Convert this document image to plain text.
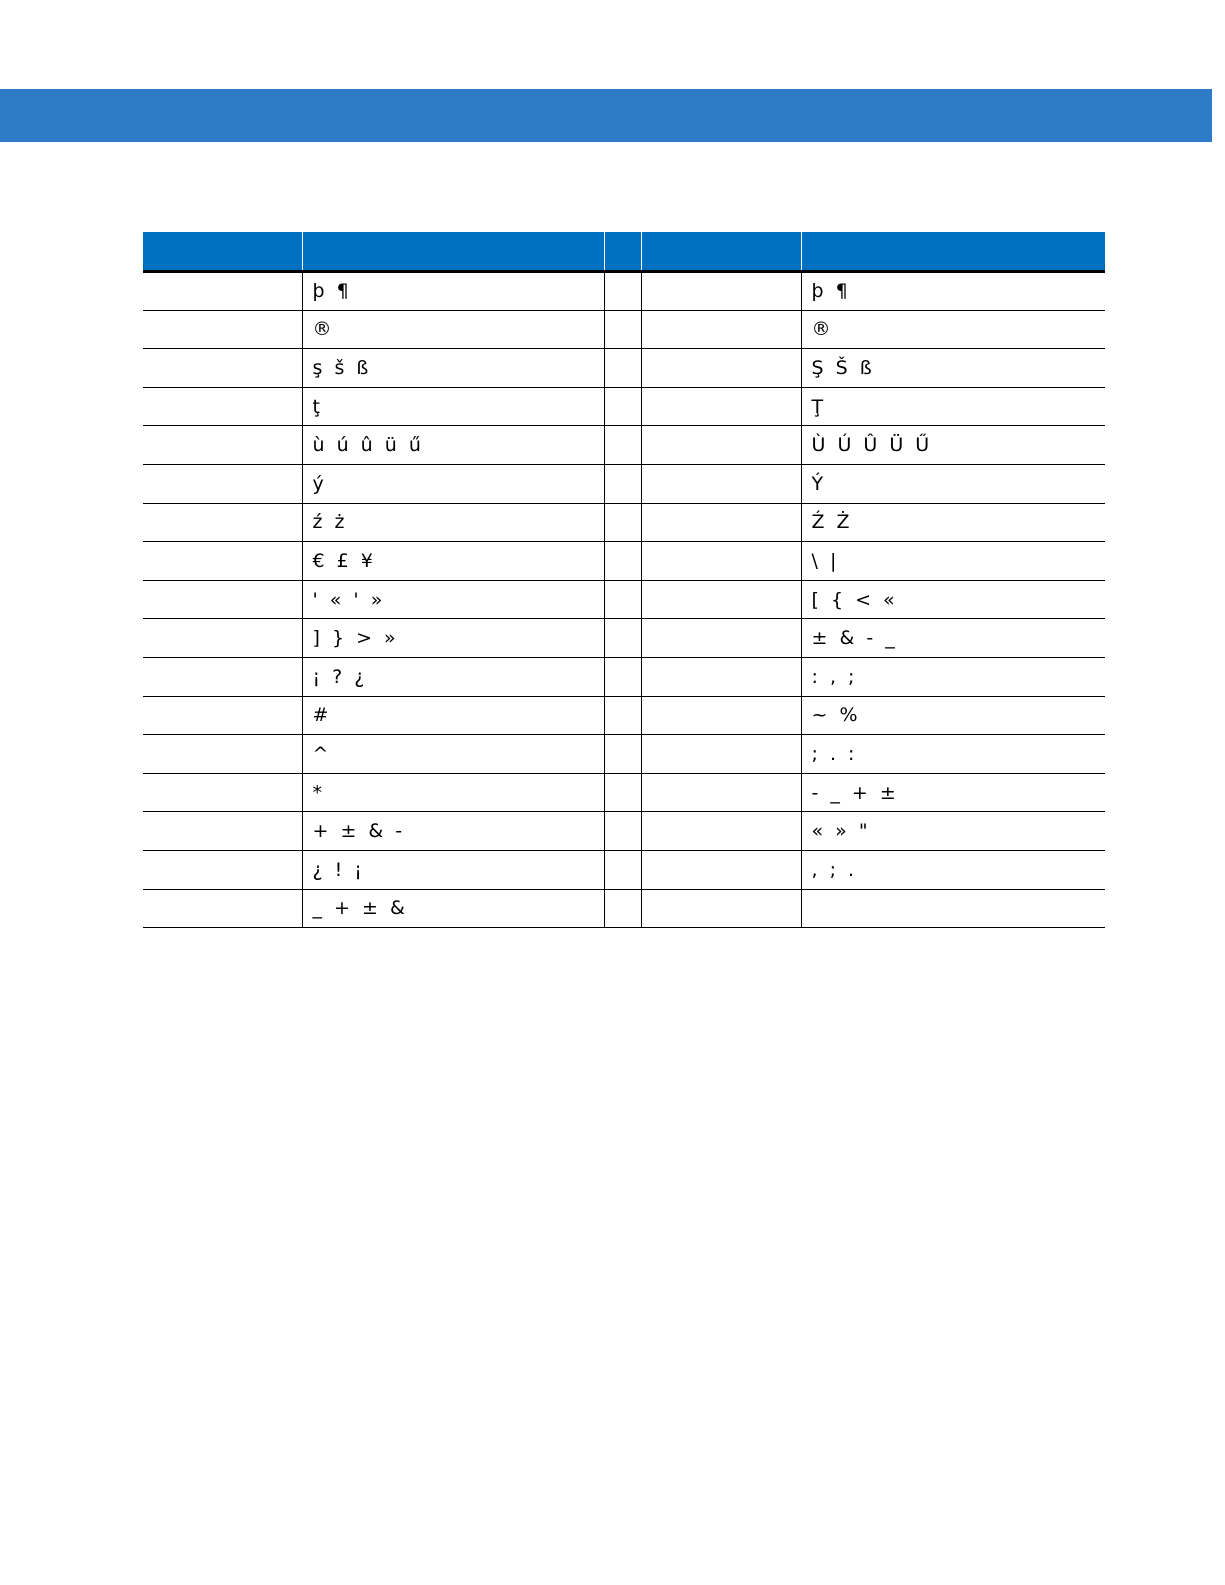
	þ ¶			þ ¶
	®			®
	ş š ß			Ş Š ß
	ţ			Ţ
	ù ú û ü ű			Ù Ú Û Ü Ű
	ý			Ý
	ź ż			Ź Ż
	€ £ ¥			\ |
	' « ' »			[ { < «
	] } > »			± & - _
	¡ ? ¿			: , ;
	#			~ %
	^			; . :
	*			- _ + ±
	+ ± & -			« » "
	¿ ! ¡			, ; .
	_ + ± &			
